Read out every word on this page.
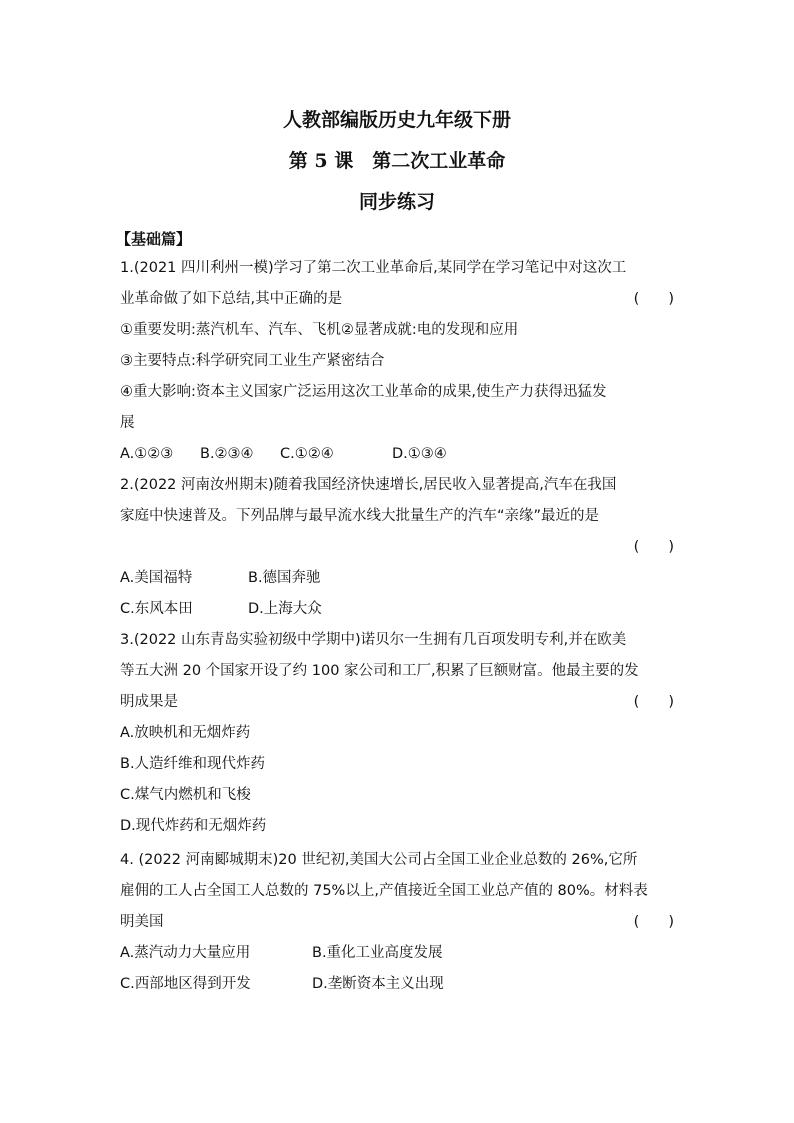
人教部编版历史九年级下册
第 5 课　第二次工业革命
同步练习
【基础篇】
1.(2021 四川利州一模)学习了第二次工业革命后,某同学在学习笔记中对这次工
业革命做了如下总结,其中正确的是	(　　)
①重要发明:蒸汽机车、汽车、飞机②显著成就:电的发现和应用
③主要特点:科学研究同工业生产紧密结合
④重大影响:资本主义国家广泛运用这次工业革命的成果,使生产力获得迅猛发
展
A.①②③ B.②③④ C.①②④	D.①③④
2.(2022 河南汝州期末)随着我国经济快速增长,居民收入显著提高,汽车在我国
家庭中快速普及。下列品牌与最早流水线大批量生产的汽车“亲缘”最近的是
(　　)
A.美国福特	B.德国奔驰
C.东风本田	D.上海大众
3.(2022 山东青岛实验初级中学期中)诺贝尔一生拥有几百项发明专利,并在欧美
等五大洲 20 个国家开设了约 100 家公司和工厂,积累了巨额财富。他最主要的发
明成果是	(　　)
A.放映机和无烟炸药
B.人造纤维和现代炸药
C.煤气内燃机和飞梭
D.现代炸药和无烟炸药
4. (2022 河南郾城期末)20 世纪初,美国大公司占全国工业企业总数的 26%,它所
雇佣的工人占全国工人总数的 75%以上,产值接近全国工业总产值的 80%。材料表
明美国	(　　)
A.蒸汽动力大量应用	B.重化工业高度发展
C.西部地区得到开发	D.垄断资本主义出现
